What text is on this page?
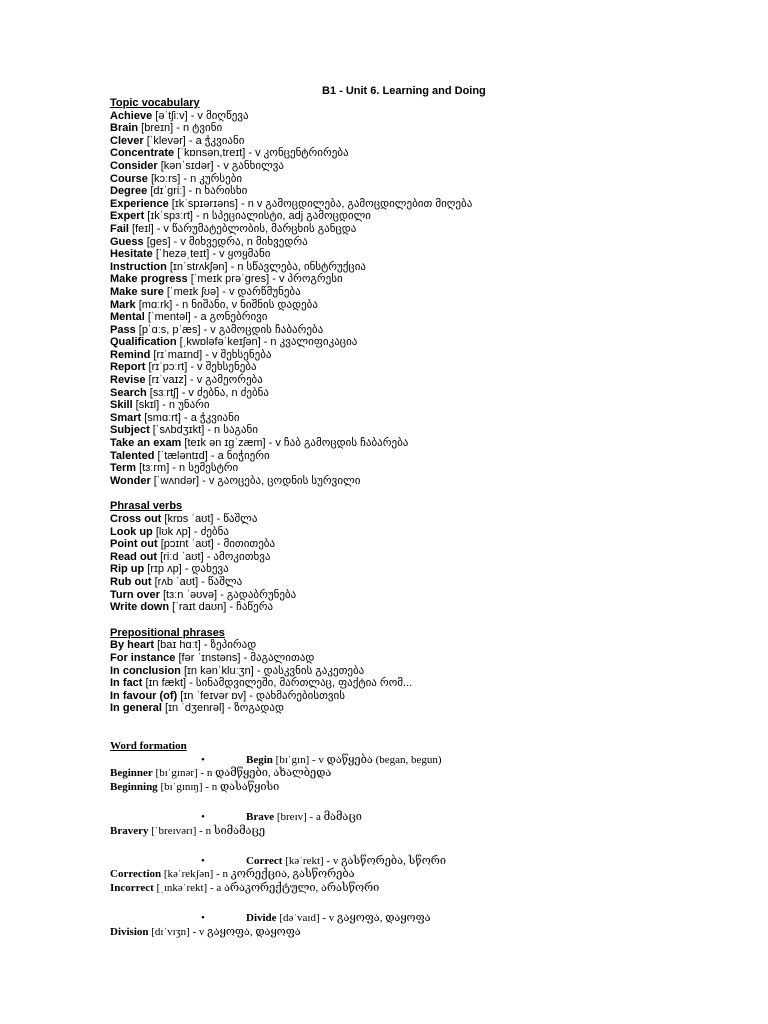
B1 - Unit 6. Learning and Doing
Topic vocabulary
Achieve [əˈtʃiːv] - v მიღწევა
Brain [breɪn] - n ტვინი
Clever [ˈklevər] - a ჭკვიანი
Concentrate [ˈkɒnsən,treɪt] - v კონცენტრირება
Consider [kənˈsɪdər] - v განხილვა
Course [kɔːrs] - n კურსები
Degree [dɪˈgriː] - n ხარისხი
Experience [ɪkˈspɪərɪəns] - n v გამოცდილება, გამოცდილებით მიღება
Expert [ɪkˈspɜːrt] - n სპეციალისტი, adj გამოცდილი
Fail [feɪl] - v წარუმატებლობის, მარცხის განცდა
Guess [ges] - v მიხვედრა, n მიხვედრა
Hesitate [ˈhezəˌteɪt] - v ყოყმანი
Instruction [ɪnˈstrʌkʃən] - n სწავლება, ინსტრუქცია
Make progress [ˈmeɪk prəˈgres] - v პროგრესი
Make sure [ˈmeɪk ʃʊə] - v დარწმუნება
Mark [mɑːrk] - n ნიშანი, v ნიშნის დადება
Mental [ˈmentəl] - a გონებრივი
Pass [pˈɑːs, pˈæs] - v გამოცდის ჩაბარება
Qualification [ˌkwɒləfəˈkeɪʃən] - n კვალიფიკაცია
Remind [rɪˈmaɪnd] - v შეხსენება
Report [rɪˈpɔːrt] - v შეხსენება
Revise [rɪˈvaɪz] - v გამეორება
Search [sɜːrtʃ] - v ძებნა, n ძებნა
Skill [skɪl] - n უნარი
Smart [smɑːrt] - a ჭკვიანი
Subject [ˈsʌbdʒɪkt] - n საგანი
Take an exam [teɪk ən ɪgˈzæm] - v ჩაბ გამოცდის ჩაბარება
Talented [ˈtæləntɪd] - a ნიჭიერი
Term [tɜːrm] - n სემესტრი
Wonder [ˈwʌndər] - v გაოცება, ცოდნის სურვილი
Phrasal verbs
Cross out [krɒs ˈaʊt] - წაშლა
Look up [lʊk ʌp] - ძებნა
Point out [pɔɪnt ˈaʊt] - მითითება
Read out [riːd ˈaʊt] - ამოკითხვა
Rip up [rɪp ʌp] - დახევა
Rub out [rʌb ˈaʊt] - წაშლა
Turn over [tɜːn ˈəʊvə] - გადაბრუნება
Write down [ˈraɪt daʊn] - ჩაწერა
Prepositional phrases
By heart [baɪ hɑːt] - ზეპირად
For instance [fər ˈɪnstəns] - მაგალითად
In conclusion [ɪn kənˈkluːʒn] - დასკვნის გაკეთება
In fact [ɪn fækt] - სინამდვილეში, მართლაც, ფაქტია რომ...
In favour (of) [ɪn ˈfeɪvər ɒv] - დახმარებისთვის
In general [ɪn ˈdʒenrəl] - ზოგადად
Word formation
•	Begin [bɪˈgɪn] - v დაწყება (began, begun)
Beginner [bɪˈgɪnər] - n დამწყები, ახალბედა
Beginning [bɪˈgɪnɪŋ] - n დასაწყისი
•	Brave [breɪv] - a მამაცი
Bravery [ˈbreɪvərɪ] - n სიმამაცე
•	Correct [kəˈrekt] - v გასწორება, სწორი
Correction [kəˈrekʃən] - n კორექცია, გასწორება
Incorrect [ˌɪnkəˈrekt] - a არაკორექტული, არასწორი
•	Divide [dəˈvaɪd] - v გაყოფა, დაყოფა
Division [dɪˈvɪʒn] - v გაყოფა, დაყოფა
